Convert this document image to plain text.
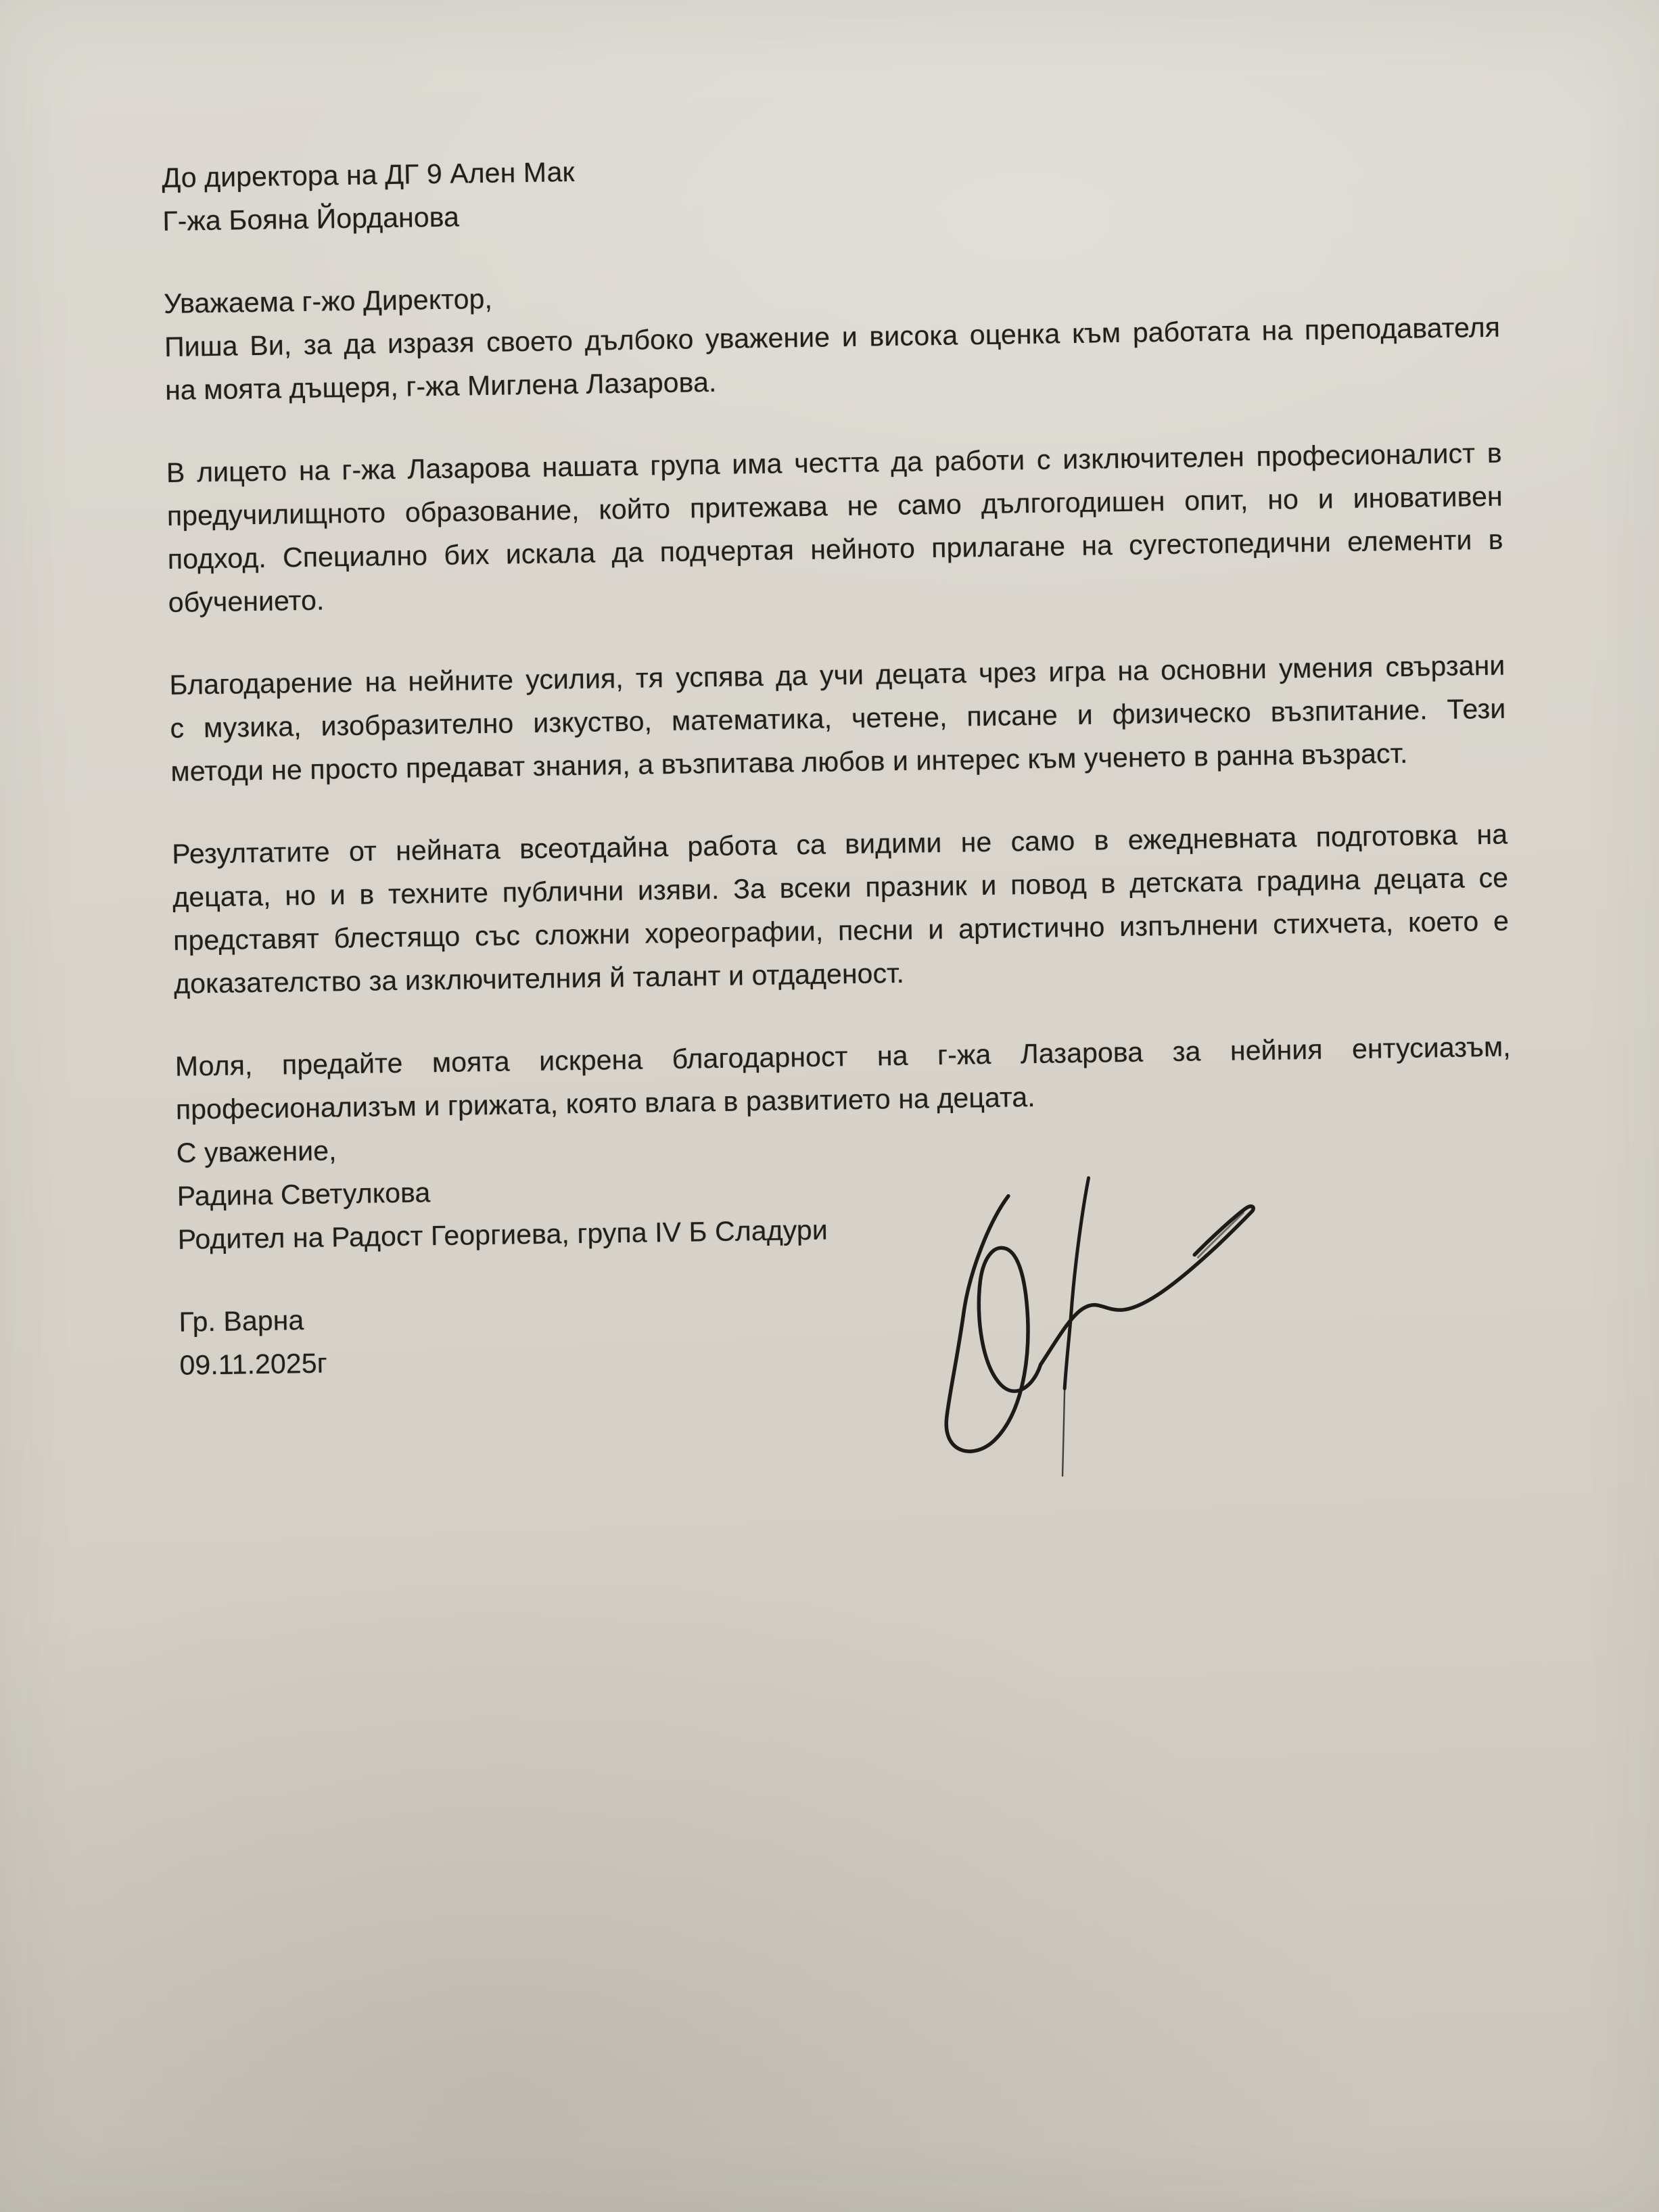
До директора на ДГ 9 Ален Мак
Г-жа Бояна Йорданова
Уважаема г-жо Директор,
Пиша Ви, за да изразя своето дълбоко уважение и висока оценка към работата на преподавателя
на моята дъщеря, г-жа Миглена Лазарова.
В лицето на г-жа Лазарова нашата група има честта да работи с изключителен професионалист в
предучилищното образование, който притежава не само дългогодишен опит, но и иновативен
подход. Специално бих искала да подчертая нейното прилагане на сугестопедични елементи в
обучението.
Благодарение на нейните усилия, тя успява да учи децата чрез игра на основни умения свързани
с музика, изобразително изкуство, математика, четене, писане и физическо възпитание. Тези
методи не просто предават знания, а възпитава любов и интерес към ученето в ранна възраст.
Резултатите от нейната всеотдайна работа са видими не само в ежедневната подготовка на
децата, но и в техните публични изяви. За всеки празник и повод в детската градина децата се
представят блестящо със сложни хореографии, песни и артистично изпълнени стихчета, което е
доказателство за изключителния й талант и отдаденост.
Моля, предайте моята искрена благодарност на г-жа Лазарова за нейния ентусиазъм,
професионализъм и грижата, която влага в развитието на децата.
С уважение,
Радина Светулкова
Родител на Радост Георгиева, група IV Б Сладури
Гр. Варна
09.11.2025г
